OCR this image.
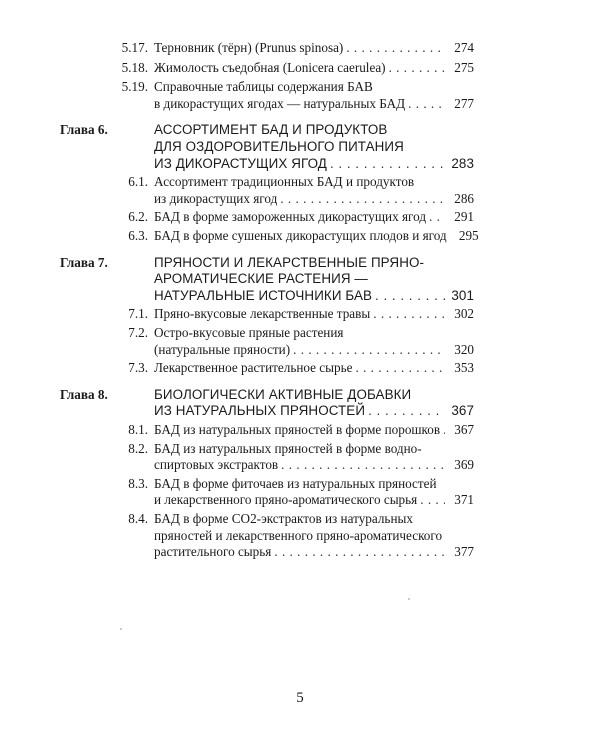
5.17. Терновник (тёрн) (Prunus spinosa) . . .	274
5.18. Жимолость съедобная (Lonicera caerulea) . . .	275
5.19. Справочные таблицы содержания БАВ
в дикорастущих ягодах — натуральных БАД . . .	277
Глава 6.	АССОРТИМЕНТ БАД И ПРОДУКТОВ
ДЛЯ ОЗДОРОВИТЕЛЬНОГО ПИТАНИЯ
ИЗ ДИКОРАСТУЩИХ ЯГОД . . .	283
6.1. Ассортимент традиционных БАД и продуктов
из дикорастущих ягод . . .	286
6.2. БАД в форме замороженных дикорастущих ягод . . .	291
6.3. БАД в форме сушеных дикорастущих плодов и ягод 295
Глава 7.	ПРЯНОСТИ И ЛЕКАРСТВЕННЫЕ ПРЯНО-
АРОМАТИЧЕСКИЕ РАСТЕНИЯ —
НАТУРАЛЬНЫЕ ИСТОЧНИКИ БАВ . . .	301
7.1. Пряно-вкусовые лекарственные травы . . .	302
7.2. Остро-вкусовые пряные растения
(натуральные пряности) . . .	320
7.3. Лекарственное растительное сырье . . .	353
Глава 8.	БИОЛОГИЧЕСКИ АКТИВНЫЕ ДОБАВКИ
ИЗ НАТУРАЛЬНЫХ ПРЯНОСТЕЙ . . .	367
8.1. БАД из натуральных пряностей в форме порошков . . .	367
8.2. БАД из натуральных пряностей в форме водно-
спиртовых экстрактов . . .	369
8.3. БАД в форме фиточаев из натуральных пряностей
и лекарственного пряно-ароматического сырья . . .	371
8.4. БАД в форме СО2-экстрактов из натуральных
пряностей и лекарственного пряно-ароматического
растительного сырья . . .	377
5
